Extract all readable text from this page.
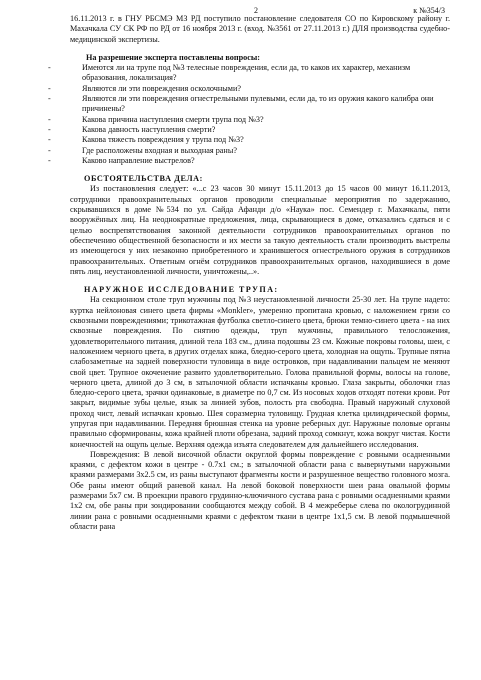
2	к №354/3

16.11.2013 г. в ГНУ РБСМЭ МЗ РД поступило постановление следователя СО по Кировскому району г. Махачкала СУ СК РФ по РД от 16 ноября 2013 г. (вход. №3561 от 27.11.2013 г.) ДЛЯ производства судебно-медицинской экспертизы.

На разрешение эксперта поставлены вопросы:

- Имеются ли на трупе под №3 телесные повреждения, если да, то каков их характер, механизм образования, локализация?
- Являются ли эти повреждения осколочными?
- Являются ли эти повреждения огнестрельными пулевыми, если да, то из оружия какого калибра они причинены?
- Какова причина наступления смерти трупа под №3?
- Какова давность наступления смерти?
- Какова тяжесть повреждения у трупа под №3?
- Где расположены входная и выходная раны?
- Каково направление выстрелов?

ОБСТОЯТЕЛЬСТВА ДЕЛА:

Из постановления следует: «...с 23 часов 30 минут 15.11.2013 до 15 часов 00 минут 16.11.2013, сотрудники правоохранительных органов проводили специальные мероприятия по задержанию, скрывавшихся в доме №534 по ул. Сайда Афанди д/о «Наука» пос. Семендер г. Махачкалы, пяти вооружённых лиц. На неоднократные предложения, лица, скрывающиеся в доме, отказались сдаться и с целью воспрепятствования законной деятельности сотрудников правоохранительных органов по обеспечению общественной безопасности и их мести за такую деятельность стали производить выстрелы из имеющегося у них незаконно приобретенного и хранившегося огнестрельного оружия в сотрудников правоохранительных. Ответным огнём сотрудников правоохранительных органов, находившиеся в доме пять лиц, неустановленной личности, уничтожены,..».

НАРУЖНОЕ ИССЛЕДОВАНИЕ ТРУПА:

На секционном столе труп мужчины под №3 неустановленной личности 25-30 лет. На трупе надето: куртка нейлоновая синего цвета фирмы «Monkler», умеренно пропитана кровью, с наложением грязи со сквозными повреждениями; трикотажная футболка светло-синего цвета, брюки темно-синего цвета - на них сквозные повреждения. По снятию одежды, труп мужчины, правильного телосложения, удовлетворительного питания, длиной тела 183 см., длина подошвы 23 см. Кожные покровы головы, шеи, с наложением черного цвета, в других отделах кожа, бледно-серого цвета, холодная на ощупь. Трупные пятна слабозаметные на задней поверхности туловища в виде островков, при надавливании пальцем не меняют свой цвет. Трупное окоченение развито удовлетворительно. Голова правильной формы, волосы на голове, черного цвета, длиной до 3 см, в затылочной области испачканы кровью. Глаза закрыты, оболочки глаз бледно-серого цвета, зрачки одинаковые, в диаметре по 0,7 см. Из носовых ходов отходят потеки крови. Рот закрыт, видимые зубы целые, язык за линией зубов, полость рта свободна. Правый наружный слуховой проход чист, левый испачкан кровью. Шея соразмерна туловищу. Грудная клетка цилиндрической формы, упругая при надавливании. Передняя брюшная стенка на уровне реберных дуг. Наружные половые органы правильно сформированы, кожа крайней плоти обрезана, задний проход сомкнут, кожа вокруг чистая. Кости конечностей на ощупь целые. Верхняя одежда изъята следователем для дальнейшего исследования.

Повреждения: В левой височной области округлой формы повреждение с ровными осадненными краями, с дефектом кожи в центре - 0.7х1 см.; в затылочной области рана с вывернутыми наружными краями размерами 3х2.5 см, из раны выступают фрагменты кости и разрушенное вещество головного мозга. Обе раны имеют общий раневой канал. На левой боковой поверхности шеи рана овальной формы размерами 5х7 см. В проекции правого грудинно-ключичного сустава рана с ровными осадненными краями 1х2 см, обе раны при зондировании сообщаются между собой. В 4 межреберье слева по окологрудинной линии рана с ровными осадненными краями с дефектом ткани в центре 1х1,5 см. В левой подмышечной области рана
